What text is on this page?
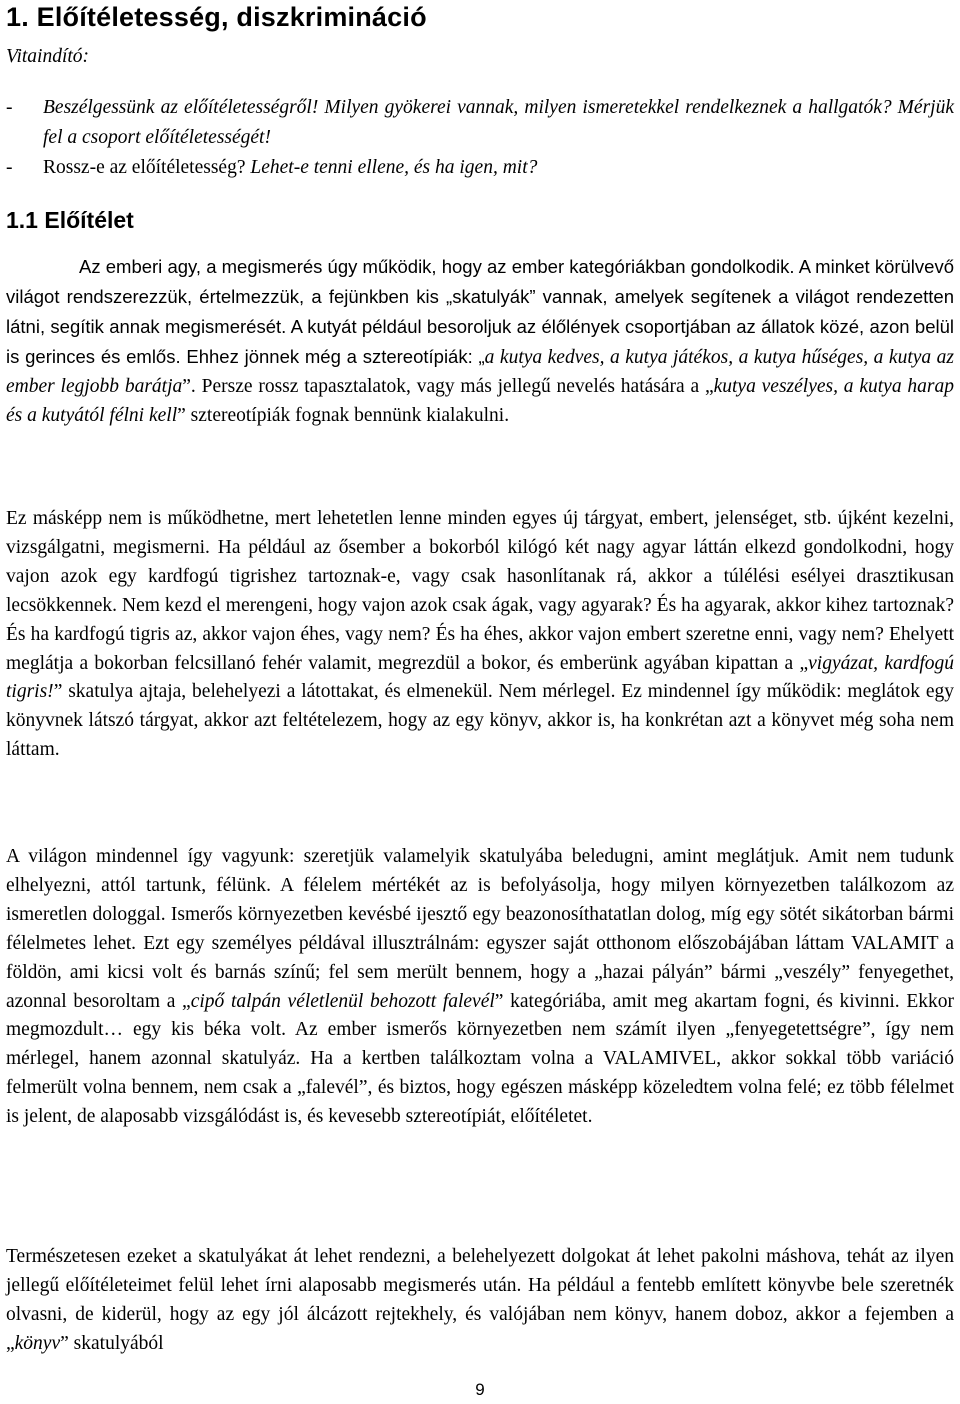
1. Előítéletesség, diszkrimináció
Vitaindító:
-	Beszélgessünk az előítéletességről! Milyen gyökerei vannak, milyen ismeretekkel rendelkeznek a hallgatók? Mérjük fel a csoport előítéletességét!
-	Rossz-e az előítéletesség? Lehet-e tenni ellene, és ha igen, mit?
1.1 Előítélet

Az emberi agy, a megismerés úgy működik, hogy az ember kategóriákban gondolkodik. A minket körülvevő világot rendszerezzük, értelmezzük, a fejünkben kis „skatulyák” vannak, amelyek segítenek a világot rendezetten látni, segítik annak megismerését. A kutyát például besoroljuk az élőlények csoportjában az állatok közé, azon belül is gerinces és emlős. Ehhez jönnek még a sztereotípiák: „a kutya kedves, a kutya játékos, a kutya hűséges, a kutya az ember legjobb barátja”. Persze rossz tapasztalatok, vagy más jellegű nevelés hatására a „kutya veszélyes, a kutya harap és a kutyától félni kell” sztereotípiák fognak bennünk kialakulni.

Ez másképp nem is működhetne, mert lehetetlen lenne minden egyes új tárgyat, embert, jelenséget, stb. újként kezelni, vizsgálgatni, megismerni. Ha például az ősember a bokorból kilógó két nagy agyar láttán elkezd gondolkodni, hogy vajon azok egy kardfogú tigrishez tartoznak-e, vagy csak hasonlítanak rá, akkor a túlélési esélyei drasztikusan lecsökkennek. Nem kezd el merengeni, hogy vajon azok csak ágak, vagy agyarak? És ha agyarak, akkor kihez tartoznak? És ha kardfogú tigris az, akkor vajon éhes, vagy nem? És ha éhes, akkor vajon embert szeretne enni, vagy nem? Ehelyett meglátja a bokorban felcsillanó fehér valamit, megrezdül a bokor, és emberünk agyában kipattan a „vigyázat, kardfogú tigris!” skatulya ajtaja, belehelyezi a látottakat, és elmenekül. Nem mérlegel. Ez mindennel így működik: meglátok egy könyvnek látszó tárgyat, akkor azt feltételezem, hogy az egy könyv, akkor is, ha konkrétan azt a könyvet még soha nem láttam.

A világon mindennel így vagyunk: szeretjük valamelyik skatulyába beledugni, amint meglátjuk. Amit nem tudunk elhelyezni, attól tartunk, félünk. A félelem mértékét az is befolyásolja, hogy milyen környezetben találkozom az ismeretlen dologgal. Ismerős környezetben kevésbé ijesztő egy beazonosíthatatlan dolog, míg egy sötét sikátorban bármi félelmetes lehet. Ezt egy személyes példával illusztrálnám: egyszer saját otthonom előszobájában láttam VALAMIT a földön, ami kicsi volt és barnás színű; fel sem merült bennem, hogy a „hazai pályán” bármi „veszély” fenyegethet, azonnal besoroltam a „cipő talpán véletlenül behozott falevél” kategóriába, amit meg akartam fogni, és kivinni. Ekkor megmozdult… egy kis béka volt. Az ember ismerős környezetben nem számít ilyen „fenyegetettségre”, így nem mérlegel, hanem azonnal skatulyáz. Ha a kertben találkoztam volna a VALAMIVEL, akkor sokkal több variáció felmerült volna bennem, nem csak a „falevél”, és biztos, hogy egészen másképp közeledtem volna felé; ez több félelmet is jelent, de alaposabb vizsgálódást is, és kevesebb sztereotípiát, előítéletet.

Természetesen ezeket a skatulyákat át lehet rendezni, a belehelyezett dolgokat át lehet pakolni máshova, tehát az ilyen jellegű előítéleteimet felül lehet írni alaposabb megismerés után. Ha például a fentebb említett könyvbe bele szeretnék olvasni, de kiderül, hogy az egy jól álcázott rejtekhely, és valójában nem könyv, hanem doboz, akkor a fejemben a „könyv” skatulyából

9
